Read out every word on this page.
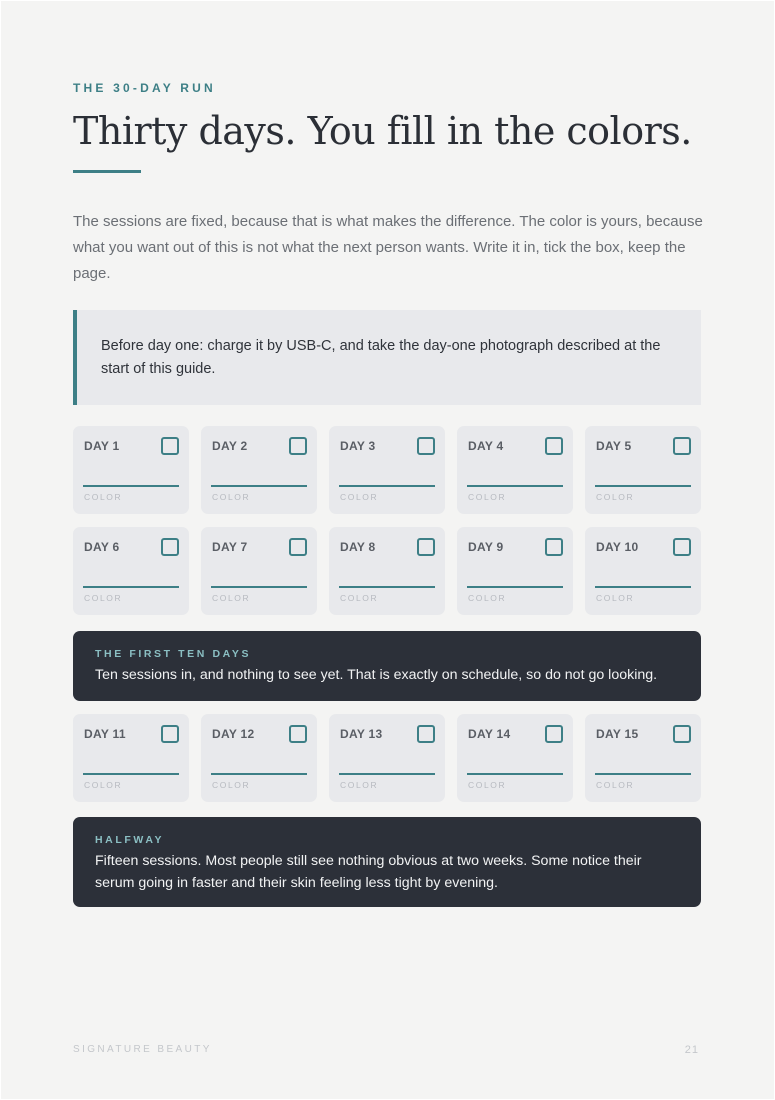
THE 30-DAY RUN
Thirty days. You fill in the colors.

The sessions are fixed, because that is what makes the difference. The color is yours, because what you want out of this is not what the next person wants. Write it in, tick the box, keep the page.

Before day one: charge it by USB-C, and take the day-one photograph described at the start of this guide.
DAY 1
COLOR
DAY 2
COLOR
DAY 3
COLOR
DAY 4
COLOR
DAY 5
COLOR
DAY 6
COLOR
DAY 7
COLOR
DAY 8
COLOR
DAY 9
COLOR
DAY 10
COLOR
THE FIRST TEN DAYS
Ten sessions in, and nothing to see yet. That is exactly on schedule, so do not go looking.
DAY 11
COLOR
DAY 12
COLOR
DAY 13
COLOR
DAY 14
COLOR
DAY 15
COLOR
HALFWAY
Fifteen sessions. Most people still see nothing obvious at two weeks. Some notice their serum going in faster and their skin feeling less tight by evening.
SIGNATURE BEAUTY	21
